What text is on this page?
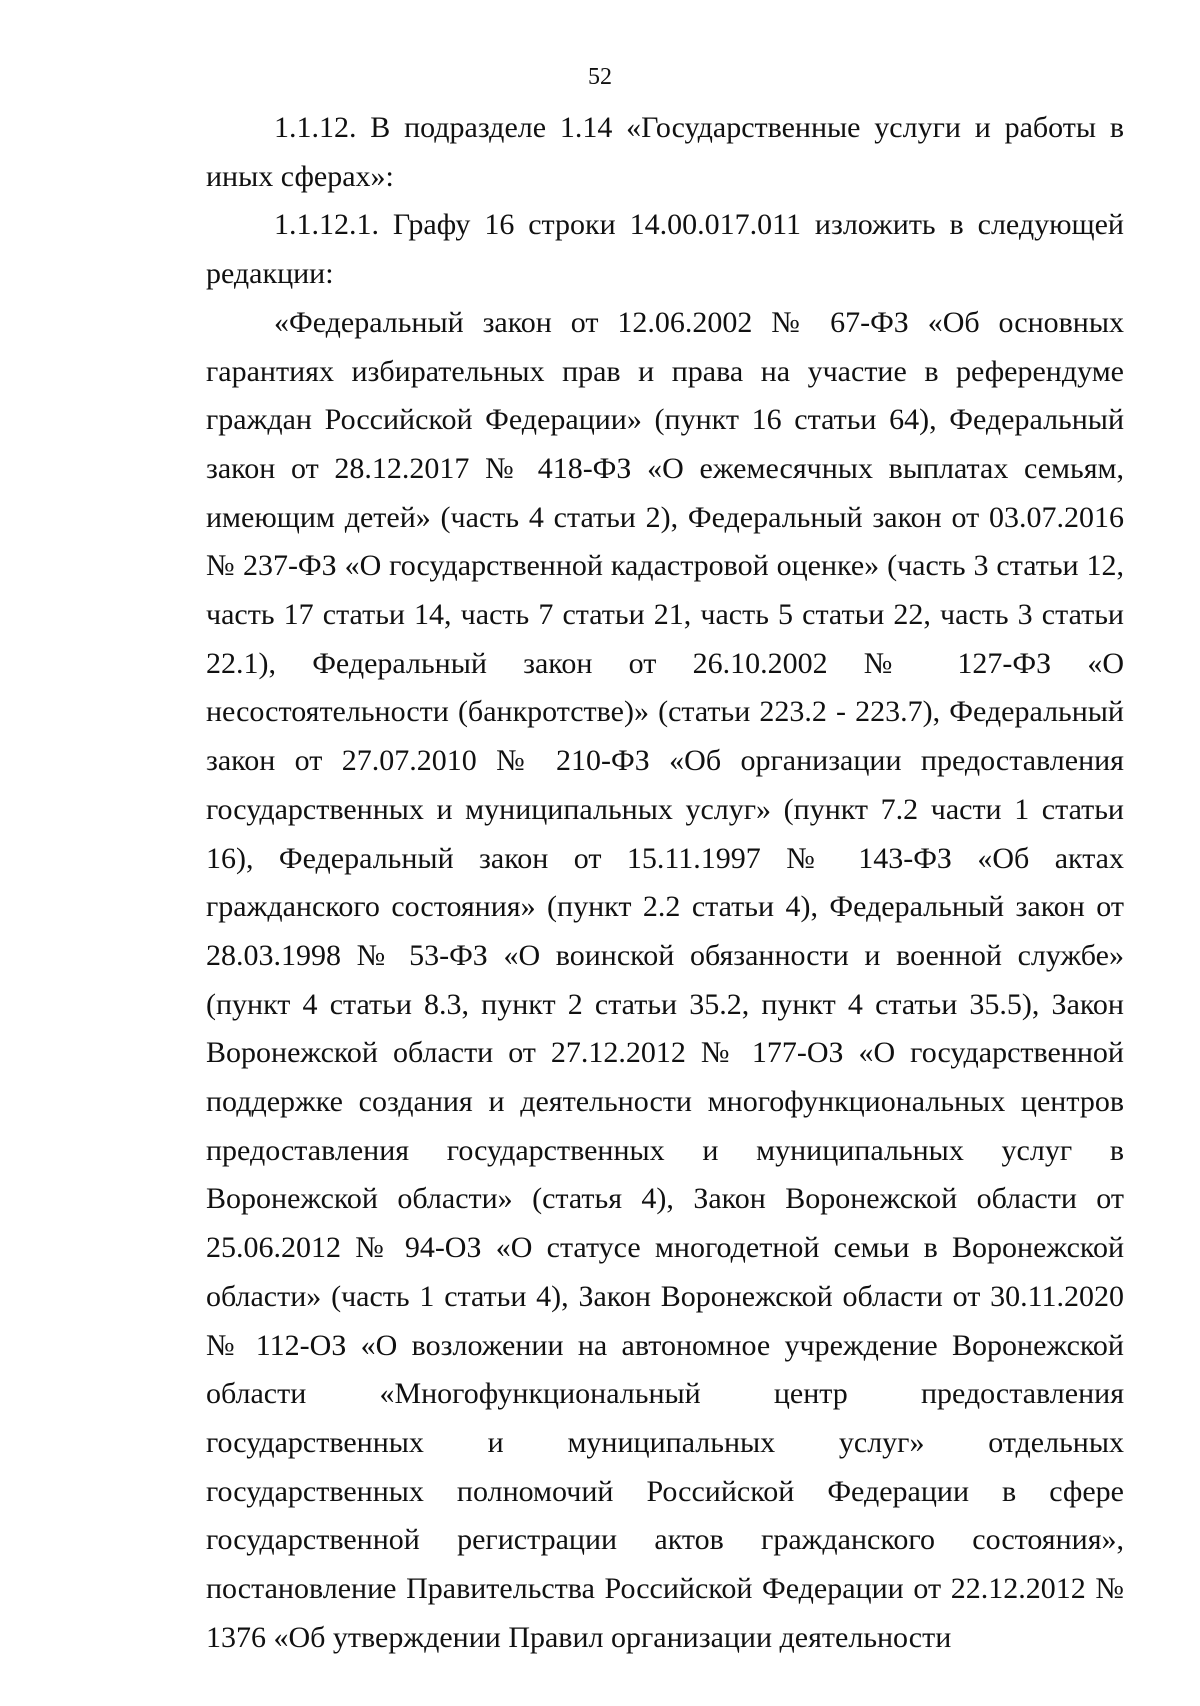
52

1.1.12. В подразделе 1.14 «Государственные услуги и работы в иных сферах»:

1.1.12.1. Графу 16 строки 14.00.017.011 изложить в следующей редакции:

«Федеральный закон от 12.06.2002 № 67-ФЗ «Об основных гарантиях избирательных прав и права на участие в референдуме граждан Российской Федерации» (пункт 16 статьи 64), Федеральный закон от 28.12.2017 № 418-ФЗ «О ежемесячных выплатах семьям, имеющим детей» (часть 4 статьи 2), Федеральный закон от 03.07.2016 № 237-ФЗ «О государственной кадастровой оценке» (часть 3 статьи 12, часть 17 статьи 14, часть 7 статьи 21, часть 5 статьи 22, часть 3 статьи 22.1), Федеральный закон от 26.10.2002 № 127-ФЗ «О несостоятельности (банкротстве)» (статьи 223.2 - 223.7), Федеральный закон от 27.07.2010 № 210-ФЗ «Об организации предоставления государственных и муниципальных услуг» (пункт 7.2 части 1 статьи 16), Федеральный закон от 15.11.1997 № 143-ФЗ «Об актах гражданского состояния» (пункт 2.2 статьи 4), Федеральный закон от 28.03.1998 № 53-ФЗ «О воинской обязанности и военной службе» (пункт 4 статьи 8.3, пункт 2 статьи 35.2, пункт 4 статьи 35.5), Закон Воронежской области от 27.12.2012 № 177-ОЗ «О государственной поддержке создания и деятельности многофункциональных центров предоставления государственных и муниципальных услуг в Воронежской области» (статья 4), Закон Воронежской области от 25.06.2012 № 94-ОЗ «О статусе многодетной семьи в Воронежской области» (часть 1 статьи 4), Закон Воронежской области от 30.11.2020 № 112-ОЗ «О возложении на автономное учреждение Воронежской области «Многофункциональный центр предоставления государственных и муниципальных услуг» отдельных государственных полномочий Российской Федерации в сфере государственной регистрации актов гражданского состояния», постановление Правительства Российской Федерации от 22.12.2012 № 1376 «Об утверждении Правил организации деятельности
